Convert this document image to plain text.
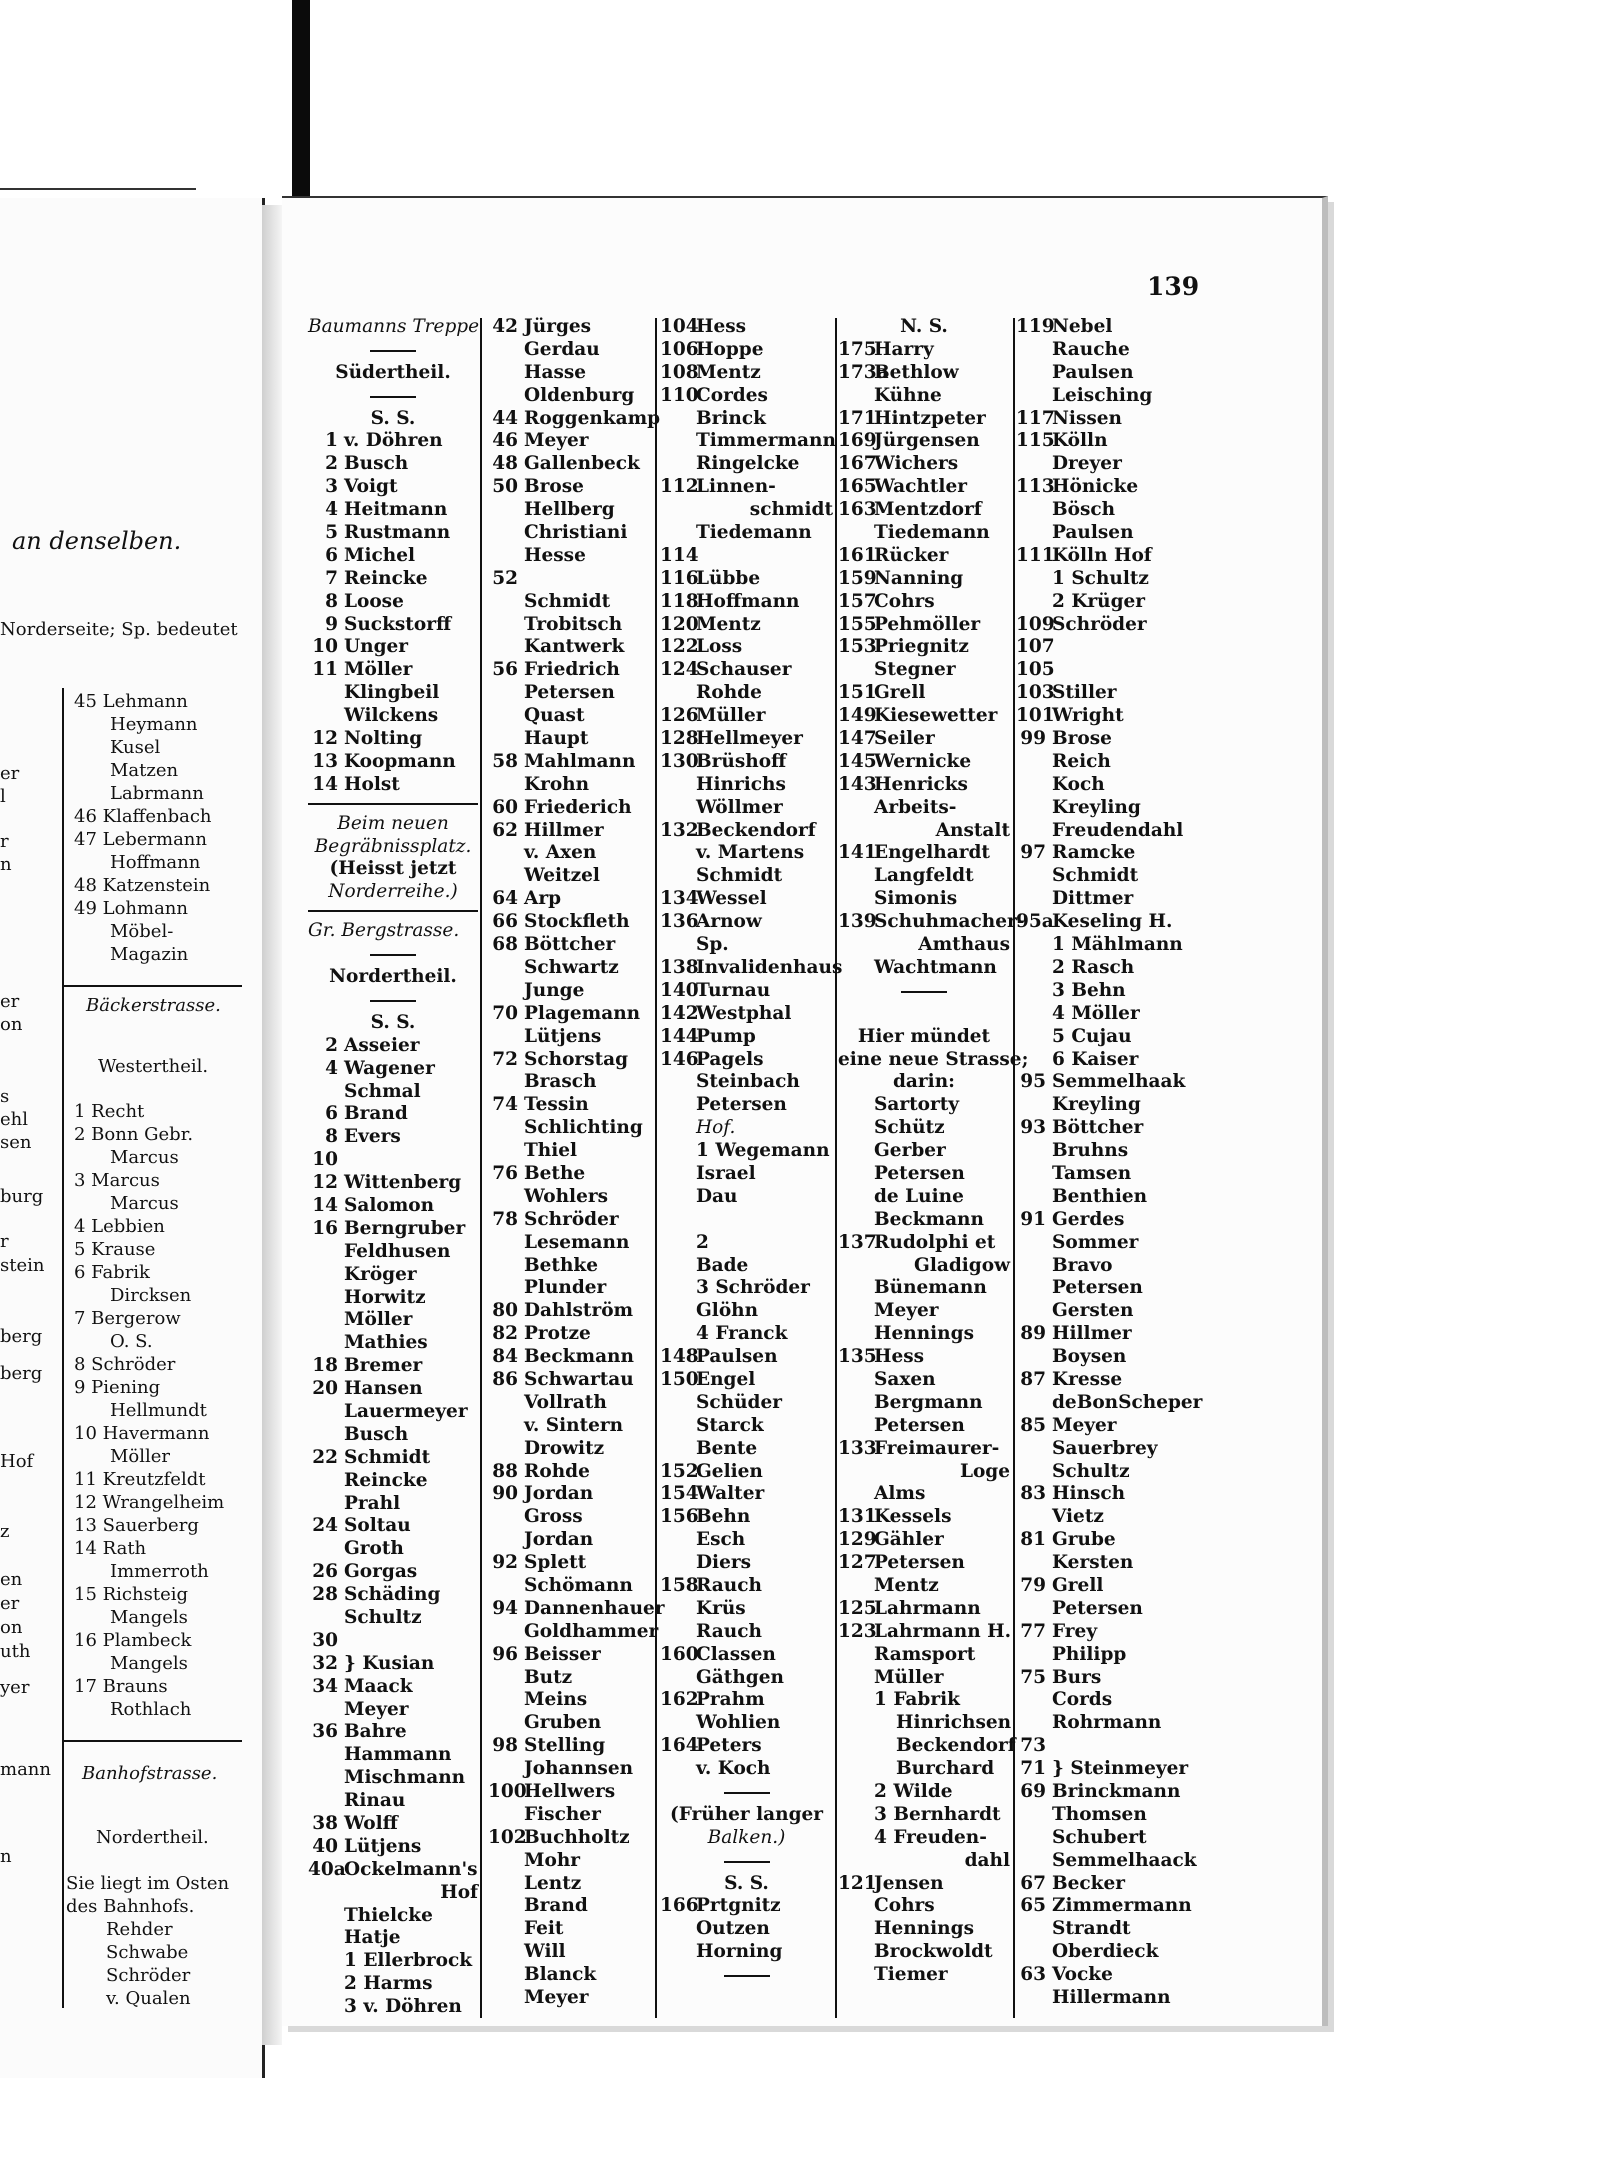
139
an denselben.
Norderseite; Sp. bedeutet
45 Lehmann
Heymann
Kusel
Matzen
Labrmann
46 Klaffenbach
47 Lebermann
Hoffmann
48 Katzenstein
49 Lohmann
Möbel-
Magazin
Bäckerstrasse.
Westertheil.
1 Recht
2 Bonn Gebr.
Marcus
3 Marcus
Marcus
4 Lebbien
5 Krause
6 Fabrik
Dircksen
7 Bergerow
O. S.
8 Schröder
9 Piening
Hellmundt
10 Havermann
Möller
11 Kreutzfeldt
12 Wrangelheim
13 Sauerberg
14 Rath
Immerroth
15 Richsteig
Mangels
16 Plambeck
Mangels
17 Brauns
Rothlach
Banhofstrasse.
Nordertheil.
Sie liegt im Osten
des Bahnhofs.
Rehder
Schwabe
Schröder
v. Qualen
er
l
r
n
er
on
s
ehl
sen
burg
r
stein
berg
berg
Hof
z
en
er
on
uth
yer
mann
n
Baumanns Treppe
Südertheil.
S. S.
1 v. Döhren
2 Busch
3 Voigt
4 Heitmann
5 Rustmann
6 Michel
7 Reincke
8 Loose
9 Suckstorff
10 Unger
11 Möller
Klingbeil
Wilckens
12 Nolting
13 Koopmann
14 Holst
Beim neuen
Begräbnissplatz.
(Heisst jetzt
Norderreihe.)
Gr. Bergstrasse.
Nordertheil.
S. S.
2 Asseier
4 Wagener
Schmal
6 Brand
8 Evers
10
12 Wittenberg
14 Salomon
16 Berngruber
Feldhusen
Kröger
Horwitz
Möller
Mathies
18 Bremer
20 Hansen
Lauermeyer
Busch
22 Schmidt
Reincke
Prahl
24 Soltau
Groth
26 Gorgas
28 Schäding
Schultz
30
32 } Kusian
34 Maack
Meyer
36 Bahre
Hammann
Mischmann
Rinau
38 Wolff
40 Lütjens
40aOckelmann's
Hof
Thielcke
Hatje
1 Ellerbrock
2 Harms
3 v. Döhren
42 Jürges
Gerdau
Hasse
Oldenburg
44 Roggenkamp
46 Meyer
48 Gallenbeck
50 Brose
Hellberg
Christiani
Hesse
52
Schmidt
Trobitsch
Kantwerk
56 Friedrich
Petersen
Quast
Haupt
58 Mahlmann
Krohn
60 Friederich
62 Hillmer
v. Axen
Weitzel
64 Arp
66 Stockfleth
68 Böttcher
Schwartz
Junge
70 Plagemann
Lütjens
72 Schorstag
Brasch
74 Tessin
Schlichting
Thiel
76 Bethe
Wohlers
78 Schröder
Lesemann
Bethke
Plunder
80 Dahlström
82 Protze
84 Beckmann
86 Schwartau
Vollrath
v. Sintern
Drowitz
88 Rohde
90 Jordan
Gross
Jordan
92 Splett
Schömann
94 Dannenhauer
Goldhammer
96 Beisser
Butz
Meins
Gruben
98 Stelling
Johannsen
100Hellwers
Fischer
102Buchholtz
Mohr
Lentz
Brand
Feit
Will
Blanck
Meyer
104Hess
106Hoppe
108Mentz
110Cordes
Brinck
Timmermann
Ringelcke
112Linnen-
schmidt
Tiedemann
114
116Lübbe
118Hoffmann
120Mentz
122Loss
124Schauser
Rohde
126Müller
128Hellmeyer
130Brüshoff
Hinrichs
Wöllmer
132Beckendorf
v. Martens
Schmidt
134Wessel
136Arnow
Sp.
138Invalidenhaus
140Turnau
142Westphal
144Pump
146Pagels
Steinbach
Petersen
Hof.
1 Wegemann
Israel
Dau
2
Bade
3 Schröder
Glöhn
4 Franck
148Paulsen
150Engel
Schüder
Starck
Bente
152Gelien
154Walter
156Behn
Esch
Diers
158Rauch
Krüs
Rauch
160Classen
Gäthgen
162Prahm
Wohlien
164Peters
v. Koch
(Früher langer
Balken.)
S. S.
166Prtgnitz
Outzen
Horning
N. S.
175Harry
173aBethlow
Kühne
171Hintzpeter
169Jürgensen
167Wichers
165Wachtler
163Mentzdorf
Tiedemann
161Rücker
159Nanning
157Cohrs
155Pehmöller
153Priegnitz
Stegner
151Grell
149Kiesewetter
147Seiler
145Wernicke
143Henricks
Arbeits-
Anstalt
141Engelhardt
Langfeldt
Simonis
139Schuhmacher-
Amthaus
Wachtmann
Hier mündet
eine neue Strasse;
darin:
Sartorty
Schütz
Gerber
Petersen
de Luine
Beckmann
137Rudolphi et
Gladigow
Bünemann
Meyer
Hennings
135Hess
Saxen
Bergmann
Petersen
133Freimaurer-
Loge
Alms
131Kessels
129Gähler
127Petersen
Mentz
125Lahrmann
123Lahrmann H.
Ramsport
Müller
1 Fabrik
Hinrichsen
Beckendorf
Burchard
2 Wilde
3 Bernhardt
4 Freuden-
dahl
121Jensen
Cohrs
Hennings
Brockwoldt
Tiemer
119Nebel
Rauche
Paulsen
Leisching
117Nissen
115Kölln
Dreyer
113Hönicke
Bösch
Paulsen
111Kölln Hof
1 Schultz
2 Krüger
109Schröder
107
105
103Stiller
101Wright
99 Brose
Reich
Koch
Kreyling
Freudendahl
97 Ramcke
Schmidt
Dittmer
95aKeseling H.
1 Mählmann
2 Rasch
3 Behn
4 Möller
5 Cujau
6 Kaiser
95 Semmelhaak
Kreyling
93 Böttcher
Bruhns
Tamsen
Benthien
91 Gerdes
Sommer
Bravo
Petersen
Gersten
89 Hillmer
Boysen
87 Kresse
deBonScheper
85 Meyer
Sauerbrey
Schultz
83 Hinsch
Vietz
81 Grube
Kersten
79 Grell
Petersen
77 Frey
Philipp
75 Burs
Cords
Rohrmann
73
71 } Steinmeyer
69 Brinckmann
Thomsen
Schubert
Semmelhaack
67 Becker
65 Zimmermann
Strandt
Oberdieck
63 Vocke
Hillermann
